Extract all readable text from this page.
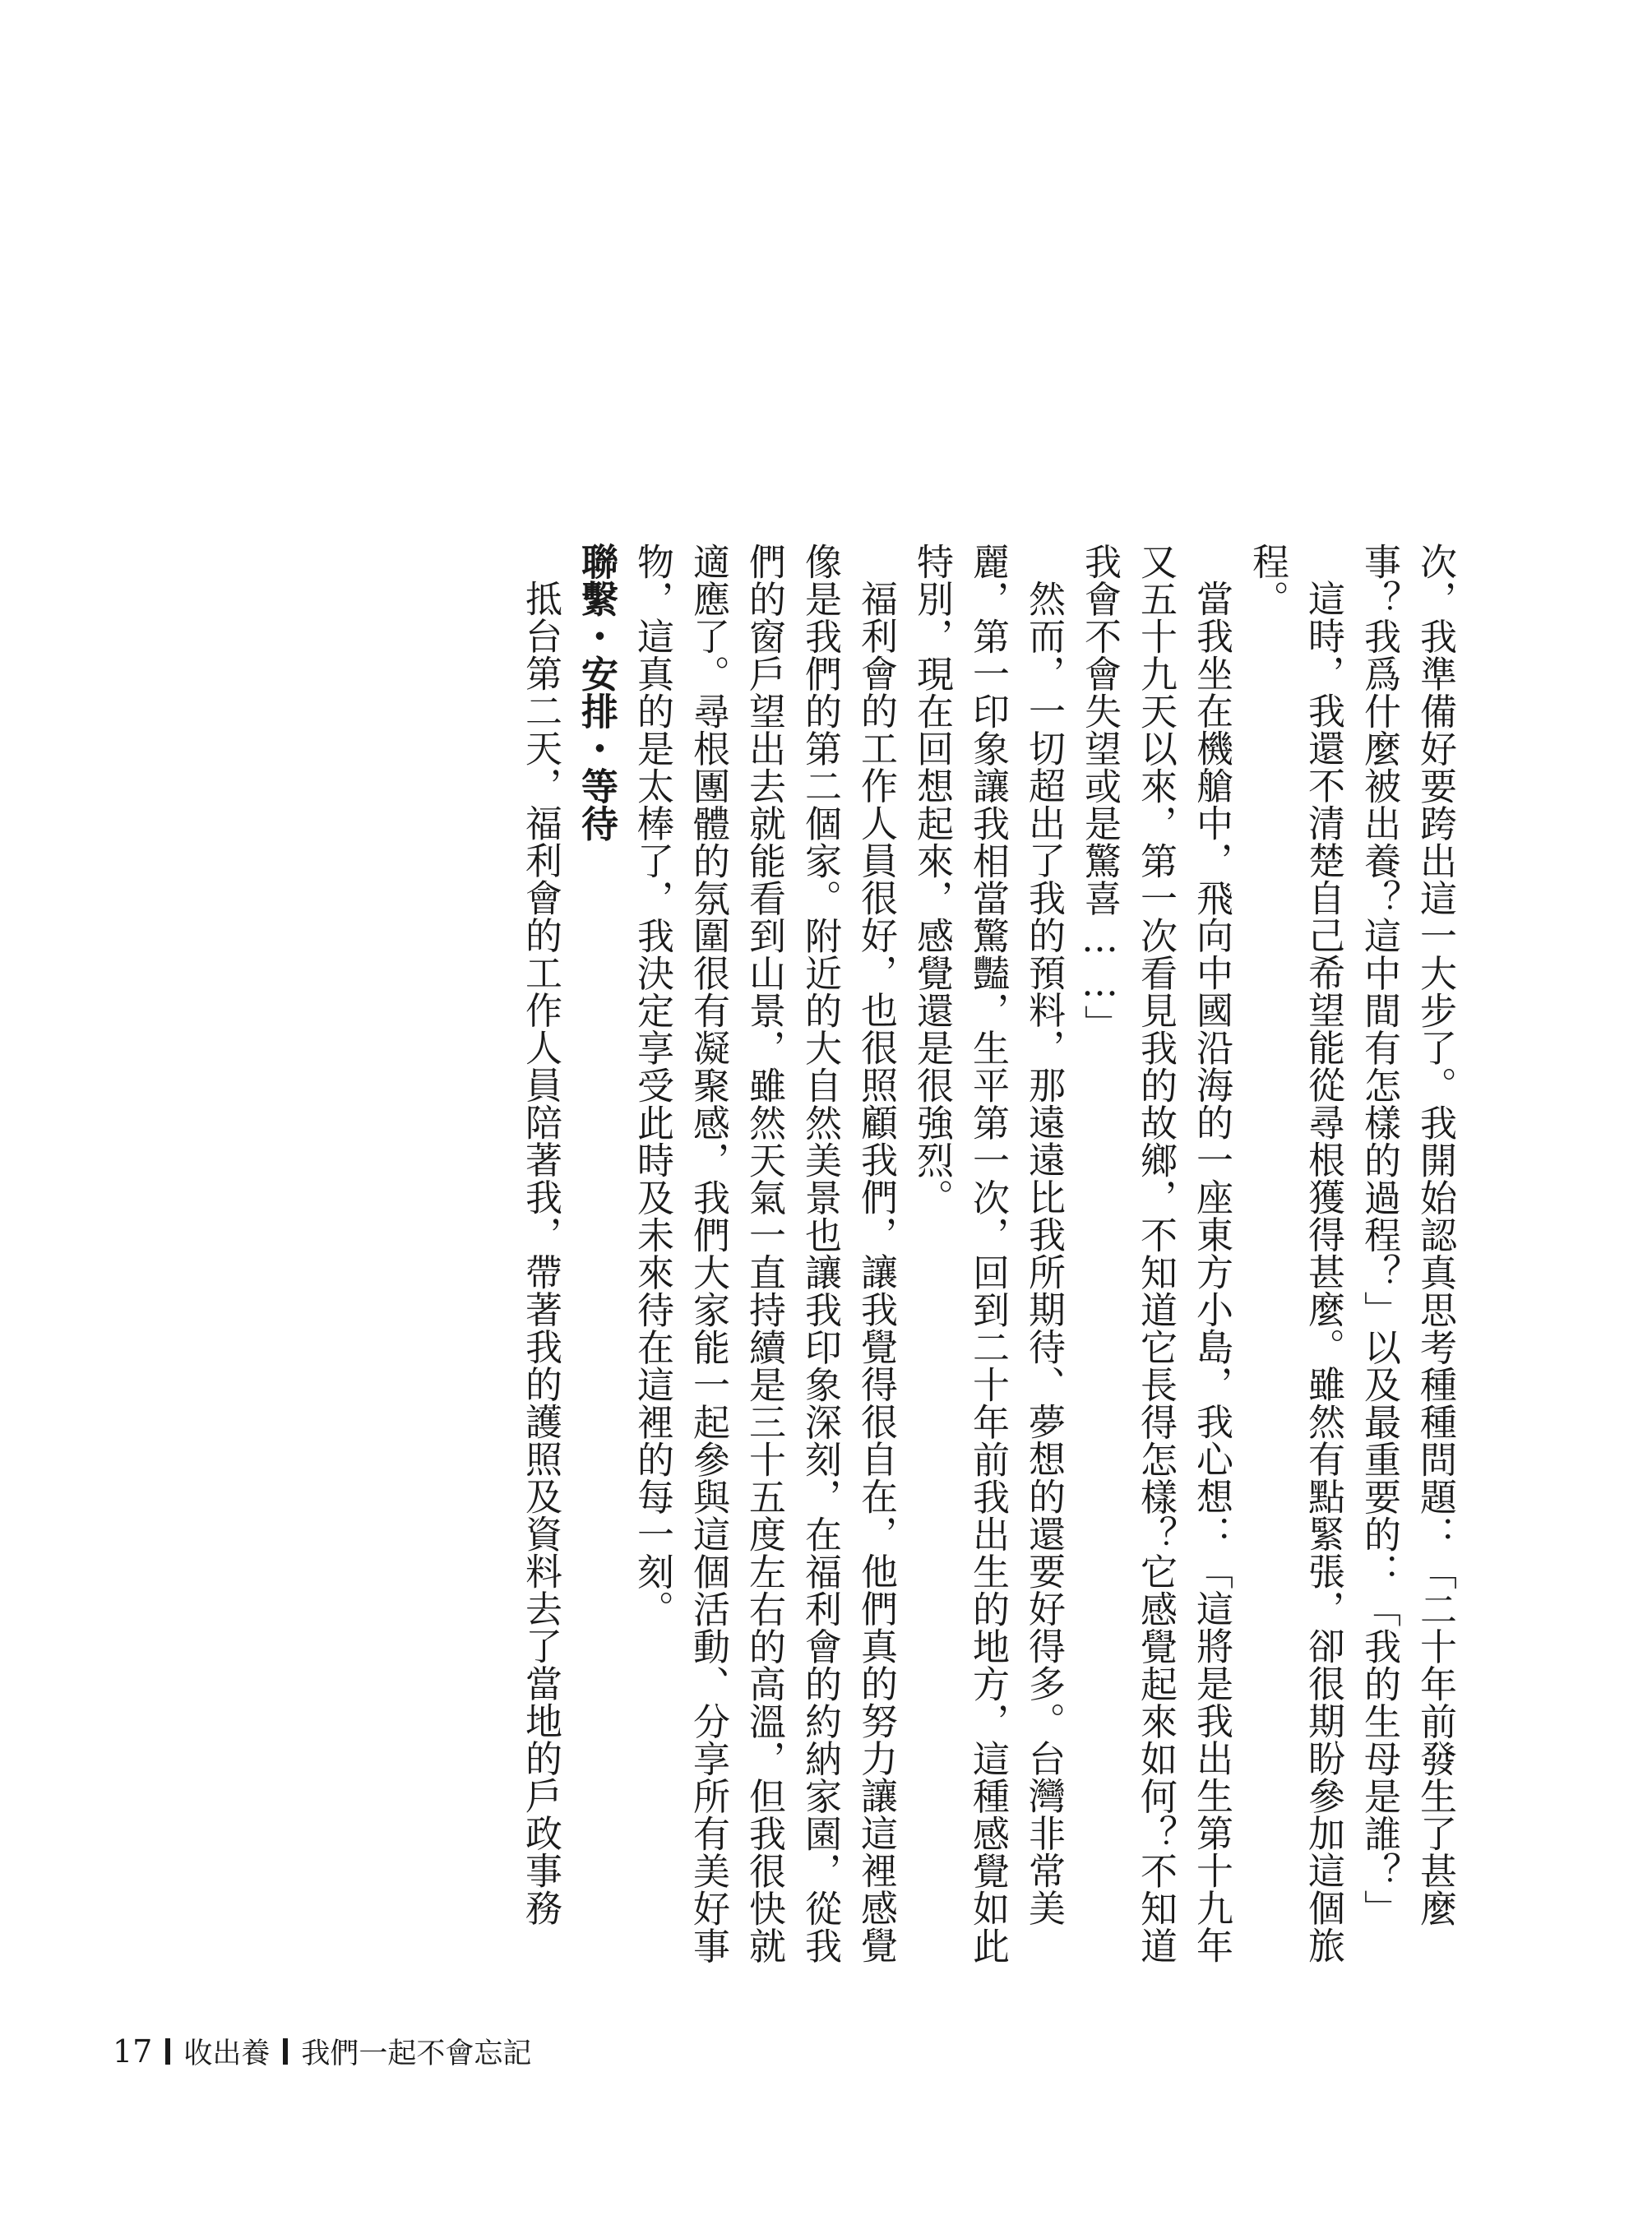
次，我準備好要跨出這一大步了。我開始認真思考種種問題：「二十年前發生了甚麼事？我爲什麼被出養？這中間有怎樣的過程？」以及最重要的：「我的生母是誰？」

這時，我還不清楚自己希望能從尋根獲得甚麼。雖然有點緊張，卻很期盼參加這個旅程。

當我坐在機艙中，飛向中國沿海的一座東方小島，我心想：「這將是我出生第十九年又五十九天以來，第一次看見我的故鄉，不知道它長得怎樣？它感覺起來如何？不知道我會不會失望或是驚喜……」

然而，一切超出了我的預料，那遠遠比我所期待、夢想的還要好得多。台灣非常美麗，第一印象讓我相當驚豔，生平第一次，回到二十年前我出生的地方，這種感覺如此特別，現在回想起來，感覺還是很強烈。

福利會的工作人員很好，也很照顧我們，讓我覺得很自在，他們真的努力讓這裡感覺像是我們的第二個家。附近的大自然美景也讓我印象深刻，在福利會的約納家園，從我們的窗戶望出去就能看到山景，雖然天氣一直持續是三十五度左右的高溫，但我很快就適應了。尋根團體的氛圍很有凝聚感，我們大家能一起參與這個活動、分享所有美好事物，這真的是太棒了，我決定享受此時及未來待在這裡的每一刻。

聯繫・安排・等待

抵台第二天，福利會的工作人員陪著我，帶著我的護照及資料去了當地的戶政事務

17 收出養 我們一起不會忘記
